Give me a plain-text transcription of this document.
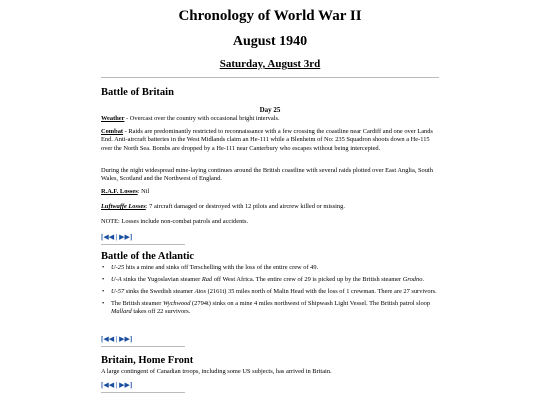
Chronology of World War II
August 1940
Saturday, August 3rd
Battle of Britain
Day 25
Weather - Overcast over the country with occasional bright intervals.
Combat - Raids are predominantly restricted to reconnaissance with a few crossing the coastline near Cardiff and one over Lands End. Anti-aircraft batteries in the West Midlands claim an He-111 while a Blenheim of No: 235 Squadron shoots down a He-115 over the North Sea. Bombs are dropped by a He-111 near Canterbury who escapes without being intercepted.
During the night widespread mine-laying continues around the British coastline with several raids plotted over East Anglia, South Wales, Scotland and the Northwest of England.
R.A.F. Losses: Nil
Luftwaffe Losses: 7 aircraft damaged or destroyed with 12 pilots and aircrew killed or missing.
NOTE: Losses include non-combat patrols and accidents.
[◀◀ | ▶▶]
Battle of the Atlantic
• U-25 hits a mine and sinks off Terschelling with the loss of the entire crew of 49.
• U-A sinks the Yugoslavian steamer Rad off West Africa. The entire crew of 29 is picked up by the British steamer Grodno.
• U-57 sinks the Swedish steamer Atos (2161t) 35 miles north of Malin Head with the loss of 1 crewman. There are 27 survivors.
• The British steamer Wychwood (2794t) sinks on a mine 4 miles northwest of Shipwash Light Vessel. The British patrol sloop Mallard takes off 22 survivors.
[◀◀ | ▶▶]
Britain, Home Front
A large contingent of Canadian troops, including some US subjects, has arrived in Britain.
[◀◀ | ▶▶]
